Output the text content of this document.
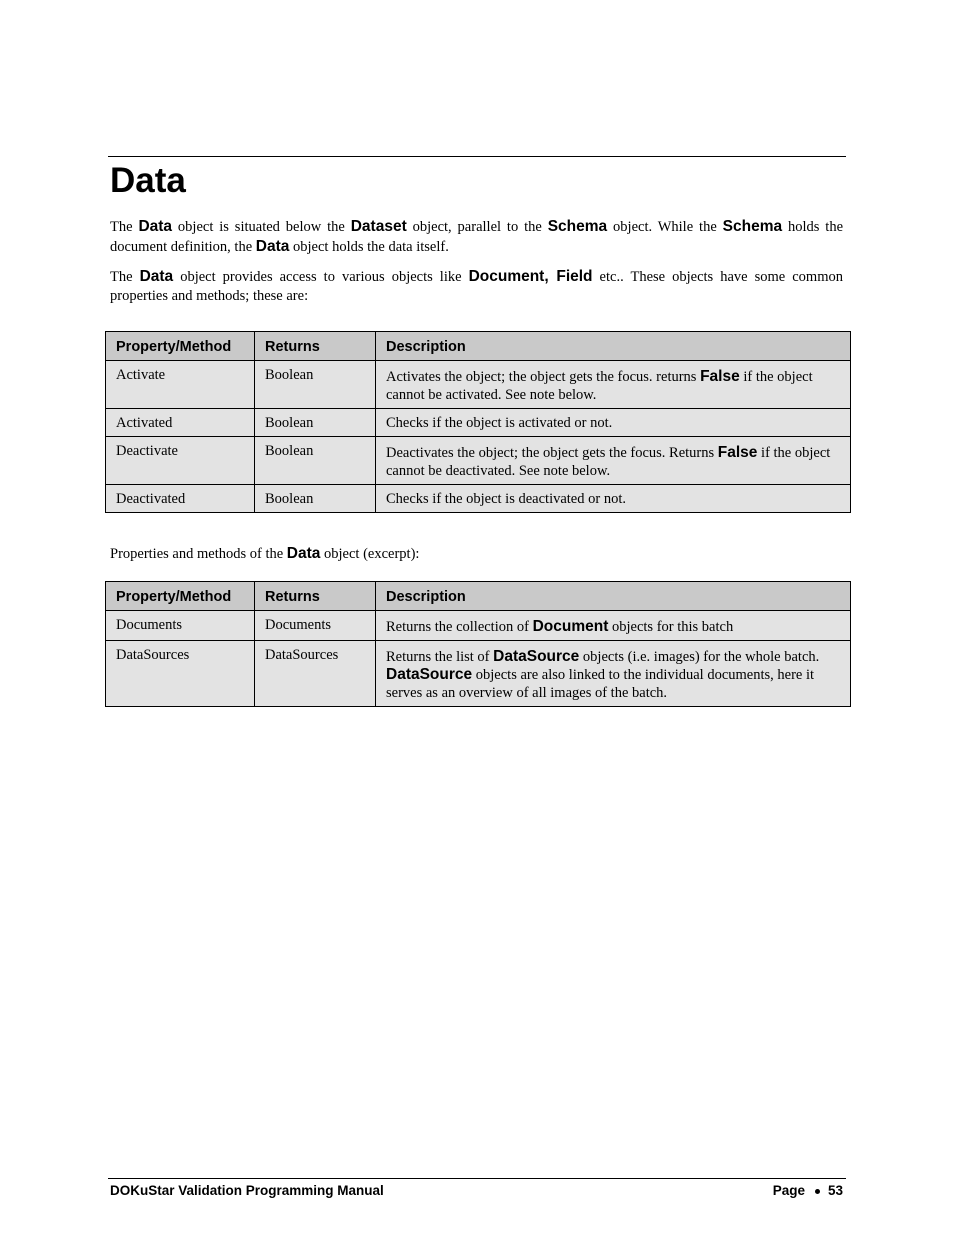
Data

The Data object is situated below the Dataset object, parallel to the Schema object. While the Schema holds the document definition, the Data object holds the data itself.

The Data object provides access to various objects like Document, Field etc.. These objects have some common properties and methods; these are:

Property/Method	Returns	Description
Activate	Boolean	Activates the object; the object gets the focus. returns False if the object cannot be activated. See note below.
Activated	Boolean	Checks if the object is activated or not.
Deactivate	Boolean	Deactivates the object; the object gets the focus. Returns False if the object cannot be deactivated. See note below.
Deactivated	Boolean	Checks if the object is deactivated or not.

Properties and methods of the Data object (excerpt):

Property/Method	Returns	Description
Documents	Documents	Returns the collection of Document objects for this batch
DataSources	DataSources	Returns the list of DataSource objects (i.e. images) for the whole batch. DataSource objects are also linked to the individual documents, here it serves as an overview of all images of the batch.
DOKuStar Validation Programming Manual	Page 53
